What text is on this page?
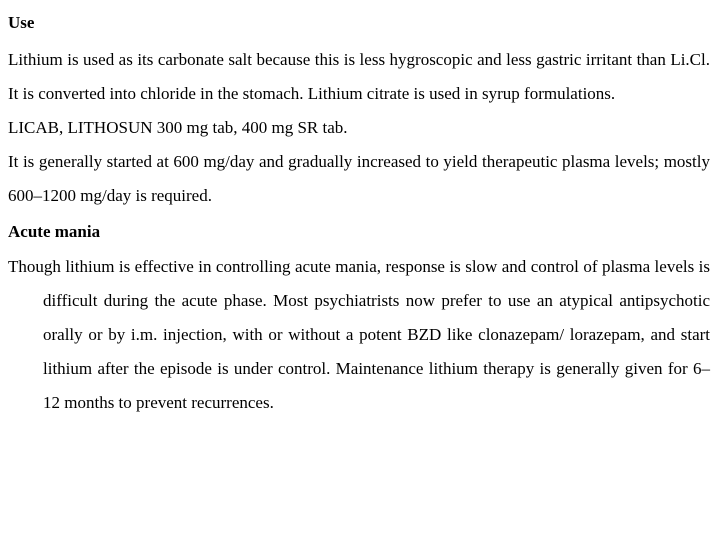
Use

Lithium is used as its carbonate salt because this is less hygroscopic and less gastric irritant than Li.Cl. It is converted into chloride in the stomach. Lithium citrate is used in syrup formulations.

LICAB, LITHOSUN 300 mg tab, 400 mg SR tab.

It is generally started at 600 mg/day and gradually increased to yield therapeutic plasma levels; mostly 600–1200 mg/day is required.

Acute mania

Though lithium is effective in controlling acute mania, response is slow and control of plasma levels is difficult during the acute phase. Most psychiatrists now prefer to use an atypical antipsychotic orally or by i.m. injection, with or without a potent BZD like clonazepam/ lorazepam, and start lithium after the episode is under control. Maintenance lithium therapy is generally given for 6–12 months to prevent recurrences.
